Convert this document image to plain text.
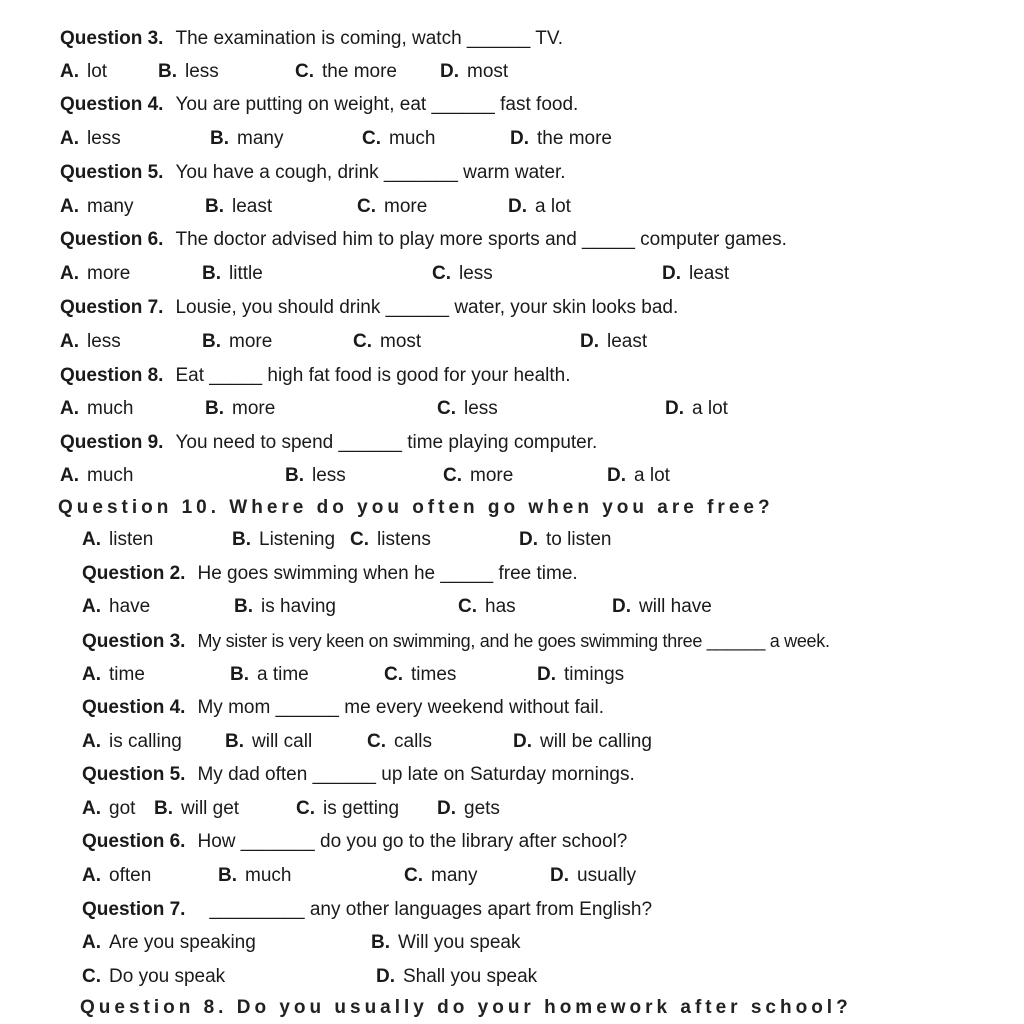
Question 3. The examination is coming, watch ______ TV.
A. lot	B. less	C. the more D. most
Question 4. You are putting on weight, eat ______ fast food.
A. less	B. many	C. much	D. the more
Question 5. You have a cough, drink _______ warm water.
A. many	B. least	C. more	D. a lot
Question 6. The doctor advised him to play more sports and _____ computer games.
A. more	B. little	C. less	D. least
Question 7. Lousie, you should drink ______ water, your skin looks bad.
A. less	B. more	C. most	D. least
Question 8. Eat _____ high fat food is good for your health.
A. much	B. more	C. less	D. a lot
Question 9. You need to spend ______ time playing computer.
A. much	B. less	C. more	D. a lot
Question 10. Where do you often go when you are free?
A. listen	B. Listening C. listens	D. to listen
Question 2. He goes swimming when he _____ free time.
A. have	B. is having	C. has	D. will have
Question 3. My sister is very keen on swimming, and he goes swimming three ______ a week.
A. time	B. a time	C. times	D. timings
Question 4. My mom ______ me every weekend without fail.
A. is calling B. will call	C. calls	D. will be calling
Question 5. My dad often ______ up late on Saturday mornings.
A. got B. will get	C. is getting D. gets
Question 6. How _______ do you go to the library after school?
A. often	B. much	C. many	D. usually
Question 7. _________ any other languages apart from English?
A. Are you speaking	B. Will you speak
C. Do you speak	D. Shall you speak
Question 8. Do you usually do your homework after school?
